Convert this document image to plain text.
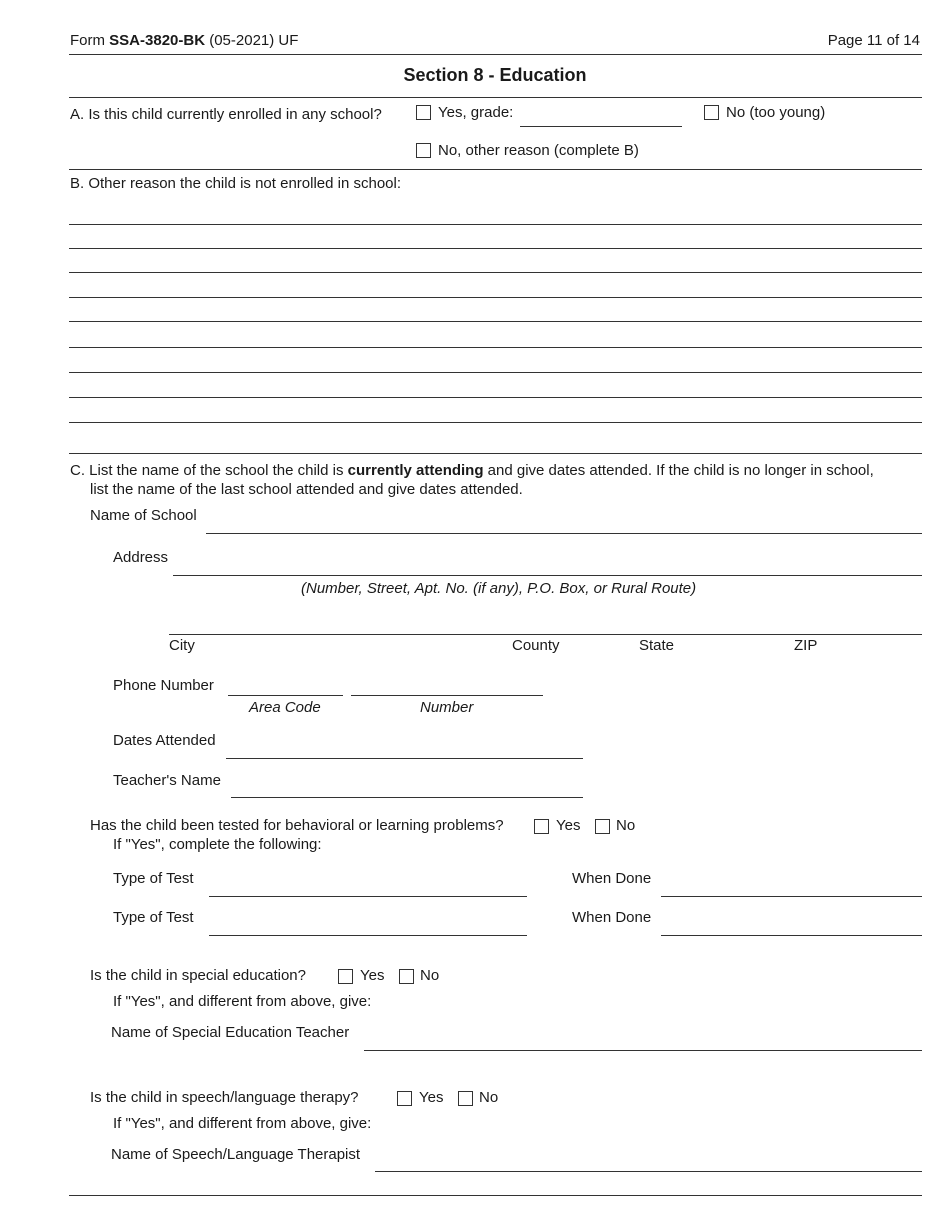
Form SSA-3820-BK (05-2021) UF	Page 11 of 14
Section 8 - Education
A. Is this child currently enrolled in any school?	Yes, grade:	No (too young)
No, other reason (complete B)
B. Other reason the child is not enrolled in school:
C. List the name of the school the child is currently attending and give dates attended. If the child is no longer in school,
list the name of the last school attended and give dates attended.
Name of School
Address
(Number, Street, Apt. No. (if any), P.O. Box, or Rural Route)
City	County	State	ZIP
Phone Number
Area Code	Number
Dates Attended
Teacher's Name
Has the child been tested for behavioral or learning problems?	Yes No
If "Yes", complete the following:
Type of Test	When Done
Type of Test	When Done
Is the child in special education?	Yes No
If "Yes", and different from above, give:
Name of Special Education Teacher
Is the child in speech/language therapy?	Yes No
If "Yes", and different from above, give:
Name of Speech/Language Therapist
